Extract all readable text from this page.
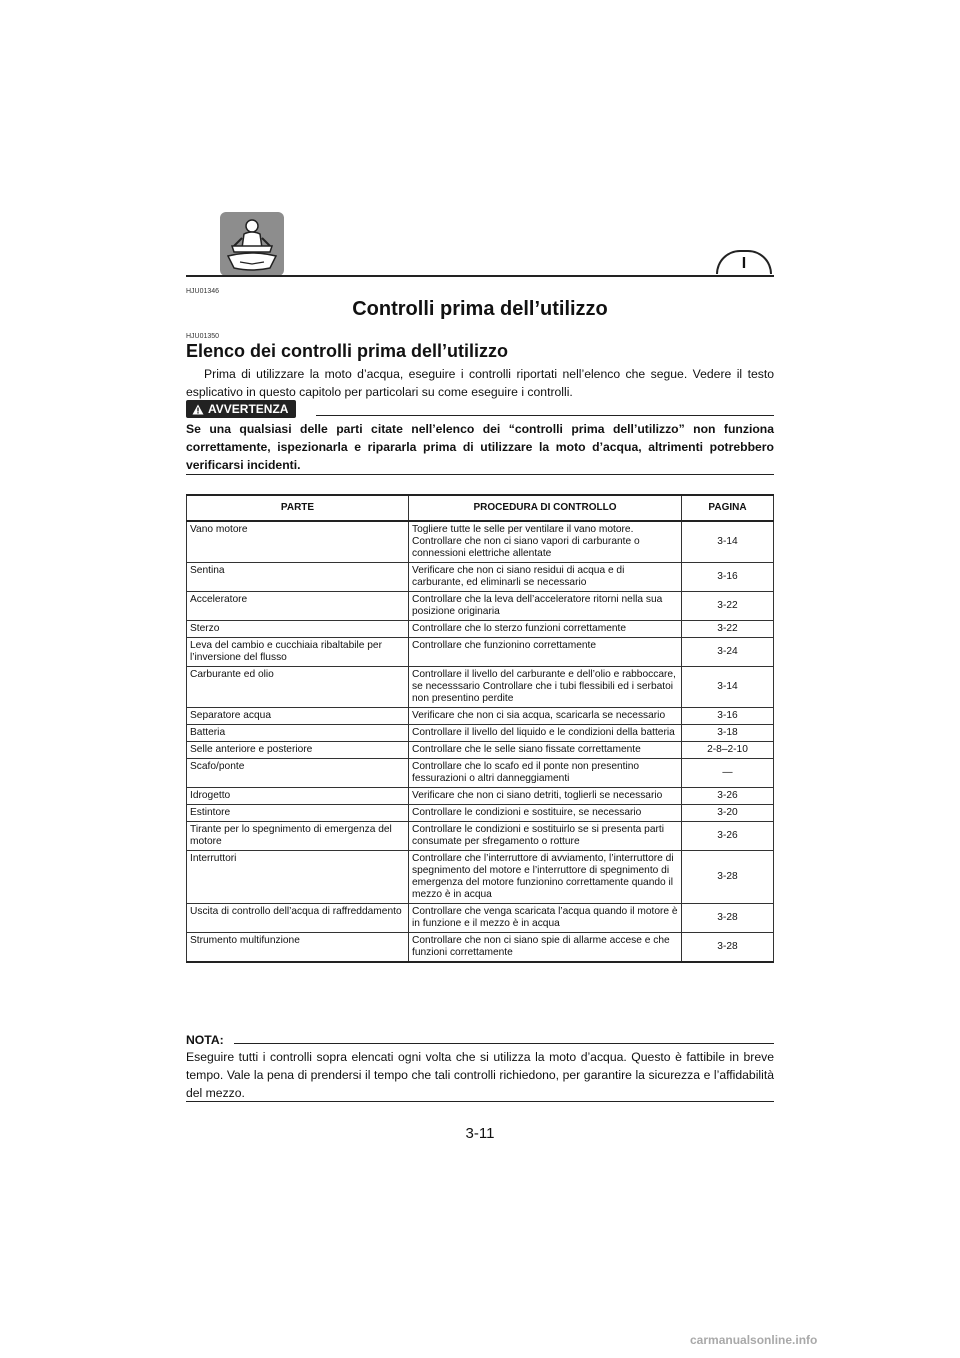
I
HJU01346
Controlli prima dell’utilizzo
HJU01350
Elenco dei controlli prima dell’utilizzo
Prima di utilizzare la moto d’acqua, eseguire i controlli riportati nell’elenco che segue. Vedere il testo esplicativo in questo capitolo per particolari su come eseguire i controlli.
AVVERTENZA
Se una qualsiasi delle parti citate nell’elenco dei “controlli prima dell’utilizzo” non funziona correttamente, ispezionarla e ripararla prima di utilizzare la moto d’acqua, altrimenti potrebbero verificarsi incidenti.
PARTE	PROCEDURA DI CONTROLLO	PAGINA
Vano motore	Togliere tutte le selle per ventilare il vano motore. Controllare che non ci siano vapori di carburante o connessioni elettriche allentate	3-14
Sentina	Verificare che non ci siano residui di acqua e di carburante, ed eliminarli se necessario	3-16
Acceleratore	Controllare che la leva dell’acceleratore ritorni nella sua posizione originaria	3-22
Sterzo	Controllare che lo sterzo funzioni correttamente	3-22
Leva del cambio e cucchiaia ribaltabile per l’inversione del flusso	Controllare che funzionino correttamente	3-24
Carburante ed olio	Controllare il livello del carburante e dell’olio e rabboccare, se necesssario Controllare che i tubi flessibili ed i serbatoi non presentino perdite	3-14
Separatore acqua	Verificare che non ci sia acqua, scaricarla se necessario	3-16
Batteria	Controllare il livello del liquido e le condizioni della batteria	3-18
Selle anteriore e posteriore	Controllare che le selle siano fissate correttamente	2-8–2-10
Scafo/ponte	Controllare che lo scafo ed il ponte non presentino fessurazioni o altri danneggiamenti	—
Idrogetto	Verificare che non ci siano detriti, toglierli se necessario	3-26
Estintore	Controllare le condizioni e sostituire, se necessario	3-20
Tirante per lo spegnimento di emergenza del motore	Controllare le condizioni e sostituirlo se si presenta parti consumate per sfregamento o rotture	3-26
Interruttori	Controllare che l’interruttore di avviamento, l’interruttore di spegnimento del motore e l’interruttore di spegnimento di emergenza del motore funzionino correttamente quando il mezzo è in acqua	3-28
Uscita di controllo dell’acqua di raffreddamento	Controllare che venga scaricata l’acqua quando il motore è in funzione e il mezzo è in acqua	3-28
Strumento multifunzione	Controllare che non ci siano spie di allarme accese e che funzioni correttamente	3-28
NOTA:
Eseguire tutti i controlli sopra elencati ogni volta che si utilizza la moto d’acqua. Questo è fattibile in breve tempo. Vale la pena di prendersi il tempo che tali controlli richiedono, per garantire la sicurezza e l’affidabilità del mezzo.
3-11
carmanualsonline.info
